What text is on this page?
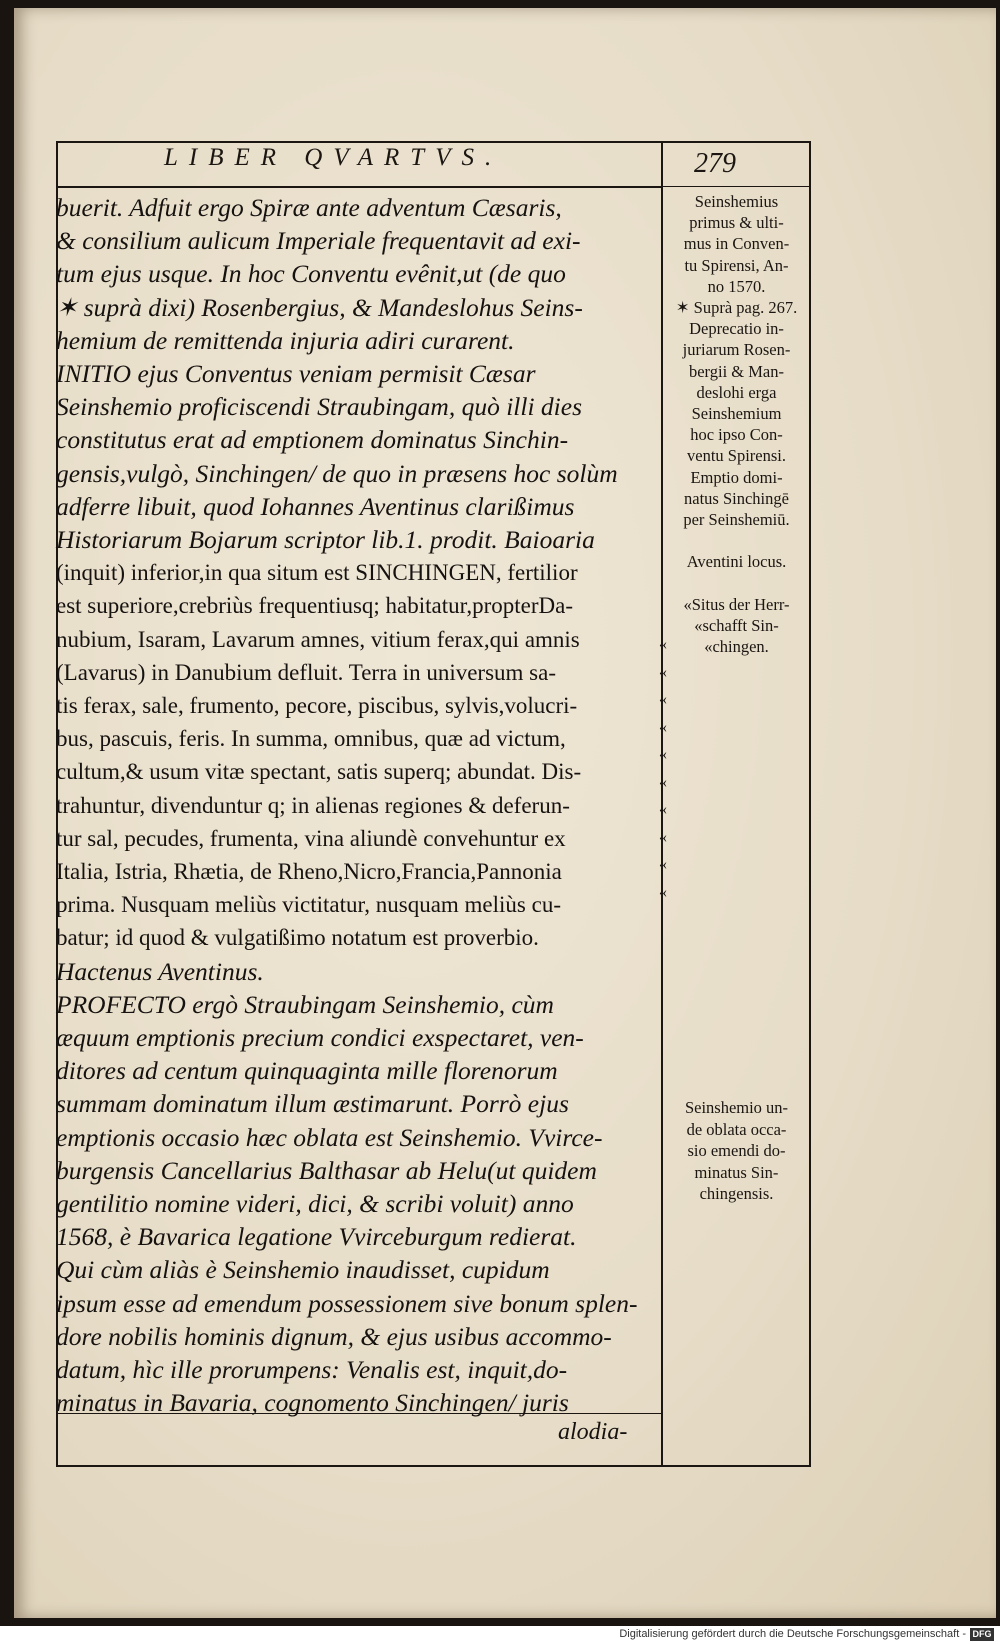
LIBER QVARTVS.	279
buerit. Adfuit ergo Spiræ ante adventum Cæsaris,
& consilium aulicum Imperiale frequentavit ad exi-
tum ejus usque. In hoc Conventu evênit,ut (de quo
✶ suprà dixi) Rosenbergius, & Mandeslohus Seins-
hemium de remittenda injuria adiri curarent.
INITIO ejus Conventus veniam permisit Cæsar
Seinshemio proficiscendi Straubingam, quò illi dies
constitutus erat ad emptionem dominatus Sinchin-
gensis,vulgò, Sinchingen/ de quo in præsens hoc solùm
adferre libuit, quod Iohannes Aventinus clarißimus
Historiarum Bojarum scriptor lib.1. prodit. Baioaria
(inquit) inferior,in qua situm est SINCHINGEN, fertilior
est superiore,crebriùs frequentiusq; habitatur,propterDa-
nubium, Isaram, Lavarum amnes, vitium ferax,qui amnis
(Lavarus) in Danubium defluit. Terra in universum sa-
tis ferax, sale, frumento, pecore, piscibus, sylvis,volucri-
bus, pascuis, feris. In summa, omnibus, quæ ad victum,
cultum,& usum vitæ spectant, satis superq; abundat. Dis-
trahuntur, divenduntur q; in alienas regiones & deferun-
tur sal, pecudes, frumenta, vina aliundè convehuntur ex
Italia, Istria, Rhætia, de Rheno,Nicro,Francia,Pannonia
prima. Nusquam meliùs victitatur, nusquam meliùs cu-
batur; id quod & vulgatißimo notatum est proverbio.
Hactenus Aventinus.
PROFECTO ergò Straubingam Seinshemio, cùm
æquum emptionis precium condici exspectaret, ven-
ditores ad centum quinquaginta mille florenorum
summam dominatum illum æstimarunt. Porrò ejus
emptionis occasio hæc oblata est Seinshemio. Vvirce-
burgensis Cancellarius Balthasar ab Helu(ut quidem
gentilitio nomine videri, dici, & scribi voluit) anno
1568, è Bavarica legatione Vvirceburgum redierat.
Qui cùm aliàs è Seinshemio inaudisset, cupidum
ipsum esse ad emendum possessionem sive bonum splen-
dore nobilis hominis dignum, & ejus usibus accommo-
datum, hìc ille prorumpens: Venalis est, inquit,do-
minatus in Bavaria, cognomento Sinchingen/ juris
alodia-
Seinshemius
primus & ulti-
mus in Conven-
tu Spirensi, An-
no 1570.
✶ Suprà pag. 267.
Deprecatio in-
juriarum Rosen-
bergii & Man-
deslohi erga
Seinshemium
hoc ipso Con-
ventu Spirensi.
Emptio domi-
natus Sinchingē
per Seinshemiū.
Aventini locus.
«Situs der Herr-
«schafft Sin-
«chingen.
Seinshemio un-
de oblata occa-
sio emendi do-
minatus Sin-
chingensis.
«
«
«
«
«
«
«
«
«
«
Digitalisierung gefördert durch die Deutsche Forschungsgemeinschaft - DFG
